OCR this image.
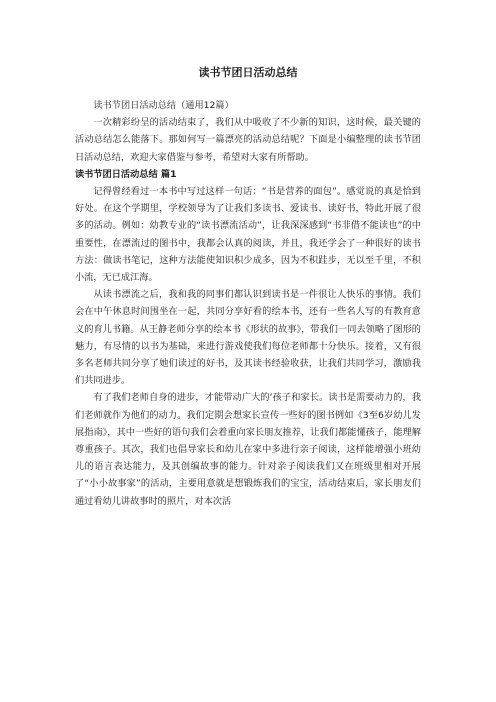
读书节团日活动总结

读书节团日活动总结（通用12篇）

一次精彩纷呈的活动结束了，我们从中吸收了不少新的知识，这时候，最关键的活动总结怎么能落下。那如何写一篇漂亮的活动总结呢？下面是小编整理的读书节团日活动总结，欢迎大家借鉴与参考，希望对大家有所帮助。

读书节团日活动总结 篇1

记得曾经看过一本书中写过这样一句话：“书是营养的面包”。感觉说的真是恰到好处。在这个学期里，学校领导为了让我们多读书、爱读书、读好书，特此开展了很多的活动。例如：幼教专业的“读书漂流活动”，让我深深感到“书非借不能读也”的中重要性，在漂流过的图书中，我都会认真的阅读，并且，我还学会了一种很好的读书方法：做读书笔记，这种方法能使知识积少成多，因为不积跬步，无以至千里，不积小流，无已成江海。

从读书漂流之后，我和我的同事们都认识到读书是一件很让人快乐的事情。我们会在中午休息时间围坐在一起，共同分享好看的绘本书，还有一些名人写的有教育意义的育儿书籍。从王静老师分享的绘本书《形状的故事》，带我们一同去领略了图形的魅力，有尽情的以书为基础，来进行游戏使我们每位老师都十分快乐。接着，又有很多名老师共同分享了她们读过的好书，及其读书经验收获，让我们共同学习，激励我们共同进步。

有了我们老师自身的进步，才能带动广大的‘孩子和家长。读书是需要动力的，我们老师就作为他们的动力。我们定期会想家长宣传一些好的图书例如《3至6岁幼儿发展指南》，其中一些好的语句我们会着重向家长朋友推荐，让我们都能懂孩子，能理解尊重孩子。其次，我们也倡导家长和幼儿在家中多进行亲子阅读，这样能增强小班幼儿的语言表达能力，及其创编故事的能力。针对亲子阅读我们又在班级里相对开展了“小小故事家”的活动，主要用意就是想锻炼我们的宝宝，活动结束后，家长朋友们通过看幼儿讲故事时的照片，对本次活
